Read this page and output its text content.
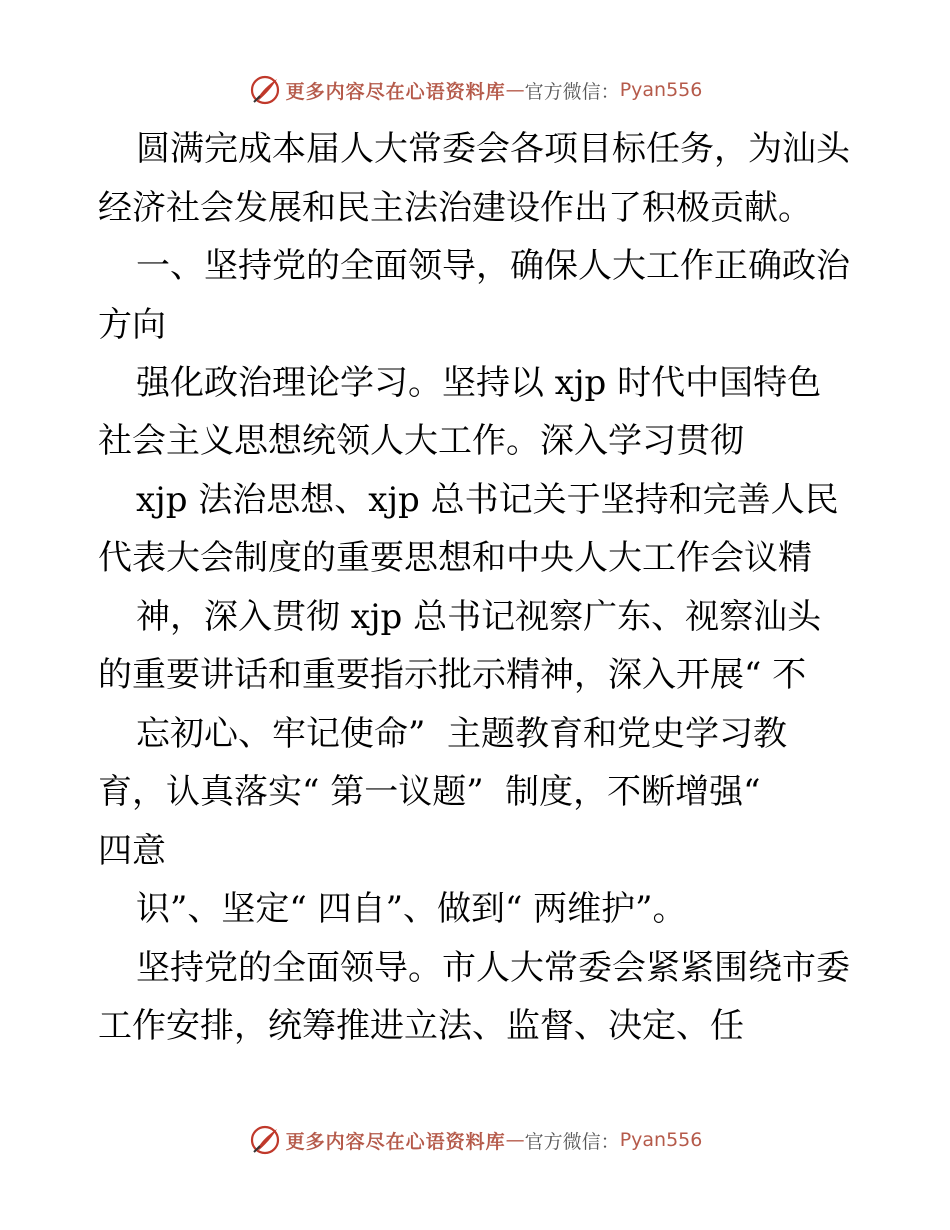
更多内容尽在心语资料库 — 官方微信： Pyan556
圆满完成本届人大常委会各项目标任务，为汕头
经济社会发展和民主法治建设作出了积极贡献。
一、坚持党的全面领导，确保人大工作正确政治
方向
强化政治理论学习。坚持以 xjp 时代中国特色
社会主义思想统领人大工作。深入学习贯彻
xjp 法治思想、xjp 总书记关于坚持和完善人民
代表大会制度的重要思想和中央人大工作会议精
神，深入贯彻 xjp 总书记视察广东、视察汕头
的重要讲话和重要指示批示精神，深入开展“ 不
忘初心、牢记使命”  主题教育和党史学习教
育，认真落实“ 第一议题”  制度，不断增强“
四意
识”、坚定“ 四自”、做到“ 两维护”。
坚持党的全面领导。市人大常委会紧紧围绕市委
工作安排，统筹推进立法、监督、决定、任
更多内容尽在心语资料库 — 官方微信： Pyan556
